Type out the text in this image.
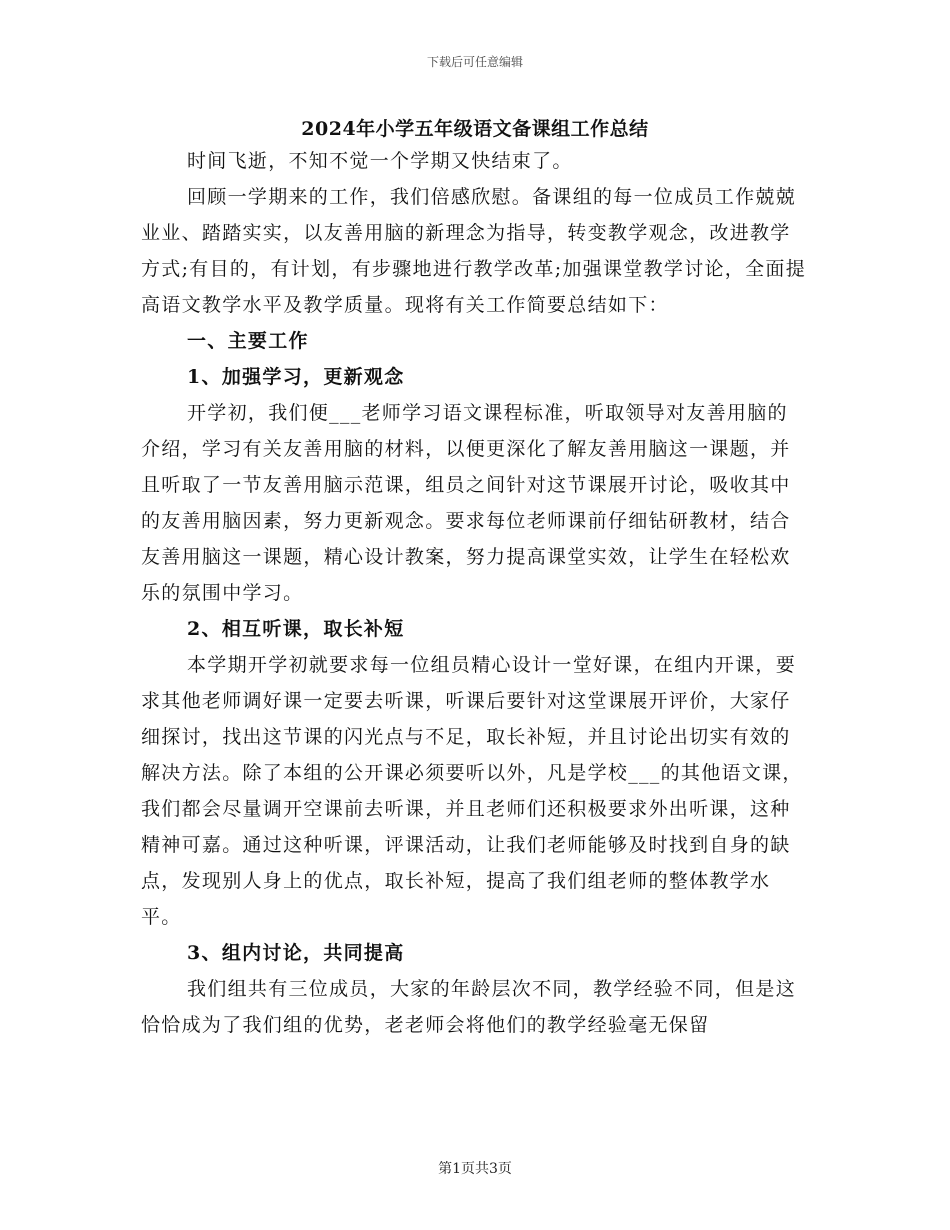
下载后可任意编辑
2024年小学五年级语文备课组工作总结

时间飞逝，不知不觉一个学期又快结束了。

回顾一学期来的工作，我们倍感欣慰。备课组的每一位成员工作兢兢业业、踏踏实实，以友善用脑的新理念为指导，转变教学观念，改进教学方式;有目的，有计划，有步骤地进行教学改革;加强课堂教学讨论，全面提高语文教学水平及教学质量。现将有关工作简要总结如下：

一、主要工作

1、加强学习，更新观念

开学初，我们便___老师学习语文课程标准，听取领导对友善用脑的介绍，学习有关友善用脑的材料，以便更深化了解友善用脑这一课题，并且听取了一节友善用脑示范课，组员之间针对这节课展开讨论，吸收其中的友善用脑因素，努力更新观念。要求每位老师课前仔细钻研教材，结合友善用脑这一课题，精心设计教案，努力提高课堂实效，让学生在轻松欢乐的氛围中学习。

2、相互听课，取长补短

本学期开学初就要求每一位组员精心设计一堂好课，在组内开课，要求其他老师调好课一定要去听课，听课后要针对这堂课展开评价，大家仔细探讨，找出这节课的闪光点与不足，取长补短，并且讨论出切实有效的解决方法。除了本组的公开课必须要听以外，凡是学校___的其他语文课，我们都会尽量调开空课前去听课，并且老师们还积极要求外出听课，这种精神可嘉。通过这种听课，评课活动，让我们老师能够及时找到自身的缺点，发现别人身上的优点，取长补短，提高了我们组老师的整体教学水平。

3、组内讨论，共同提高

我们组共有三位成员，大家的年龄层次不同，教学经验不同，但是这恰恰成为了我们组的优势，老老师会将他们的教学经验毫无保留

第1页共3页
